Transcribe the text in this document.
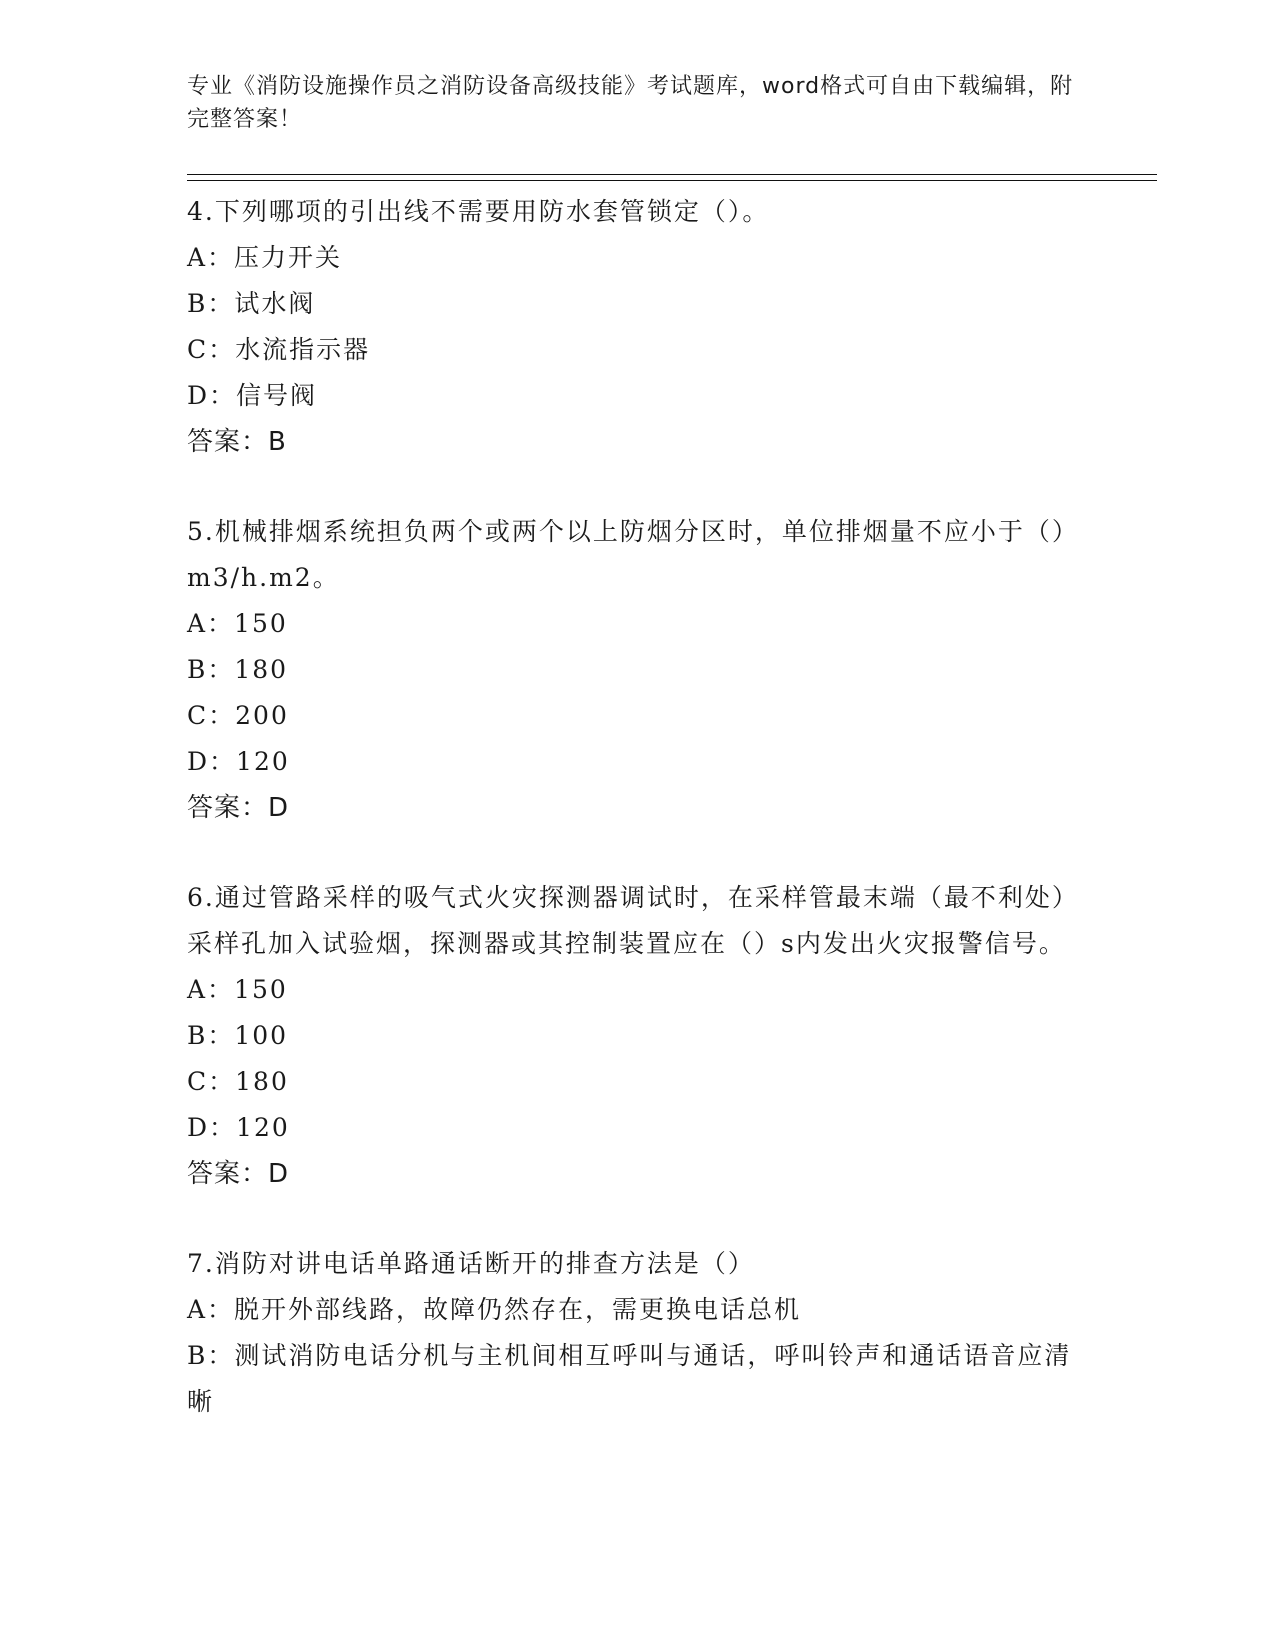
专业《消防设施操作员之消防设备高级技能》考试题库，word格式可自由下载编辑，附完整答案！

4.下列哪项的引出线不需要用防水套管锁定（）。

A：压力开关

B：试水阀

C：水流指示器

D：信号阀

答案：B

5.机械排烟系统担负两个或两个以上防烟分区时，单位排烟量不应小于（）m3/h.m2。

A：150

B：180

C：200

D：120

答案：D

6.通过管路采样的吸气式火灾探测器调试时，在采样管最末端（最不利处）采样孔加入试验烟，探测器或其控制装置应在（）s内发出火灾报警信号。

A：150

B：100

C：180

D：120

答案：D

7.消防对讲电话单路通话断开的排查方法是（）

A：脱开外部线路，故障仍然存在，需更换电话总机

B：测试消防电话分机与主机间相互呼叫与通话，呼叫铃声和通话语音应清晰
